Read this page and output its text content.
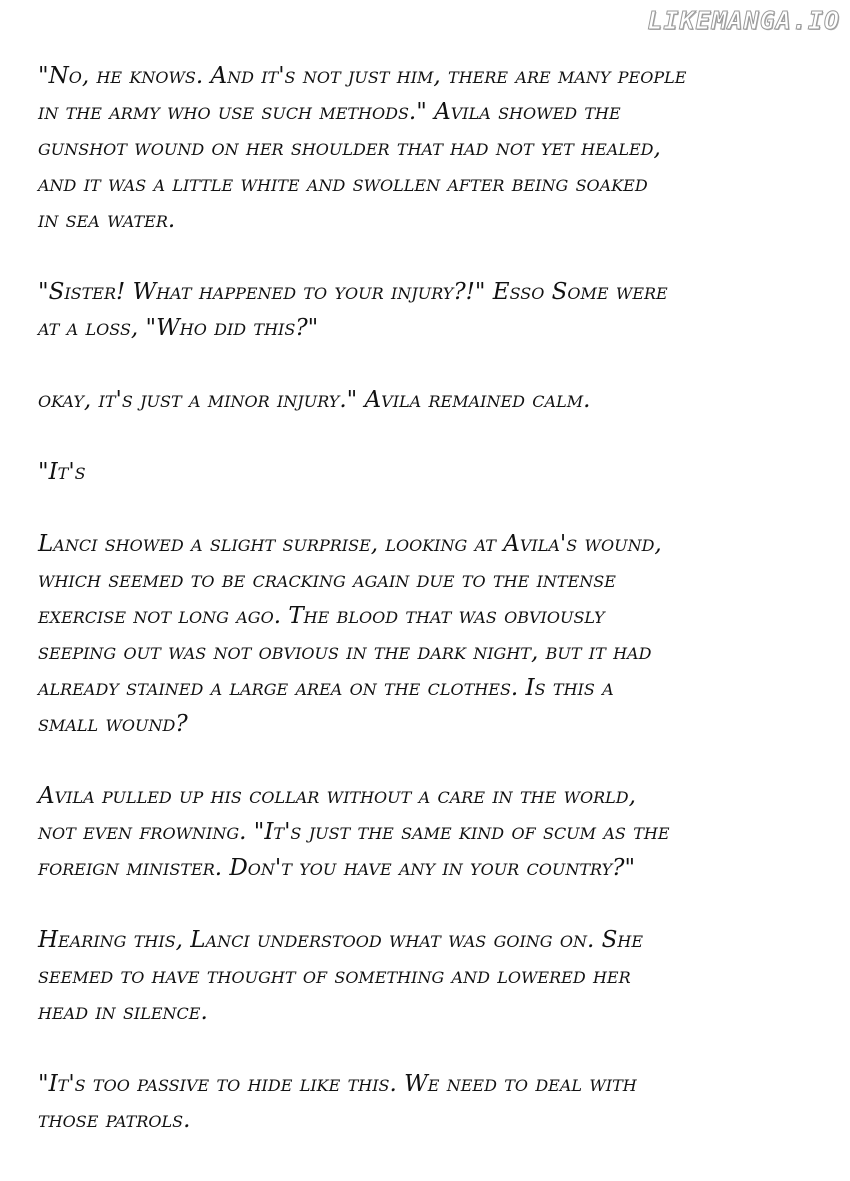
LIKEMANGA.IO

"No, he knows. And it's not just him, there are many people
in the army who use such methods." Avila showed the
gunshot wound on her shoulder that had not yet healed,
and it was a little white and swollen after being soaked
in sea water.

"Sister! What happened to your injury?!" Esso Some were
at a loss, "Who did this?"

okay, it's just a minor injury." Avila remained calm.

"It's

Lanci showed a slight surprise, looking at Avila's wound,
which seemed to be cracking again due to the intense
exercise not long ago. The blood that was obviously
seeping out was not obvious in the dark night, but it had
already stained a large area on the clothes. Is this a
small wound?

Avila pulled up his collar without a care in the world,
not even frowning. "It's just the same kind of scum as the
foreign minister. Don't you have any in your country?"

Hearing this, Lanci understood what was going on. She
seemed to have thought of something and lowered her
head in silence.

"It's too passive to hide like this. We need to deal with
those patrols.
